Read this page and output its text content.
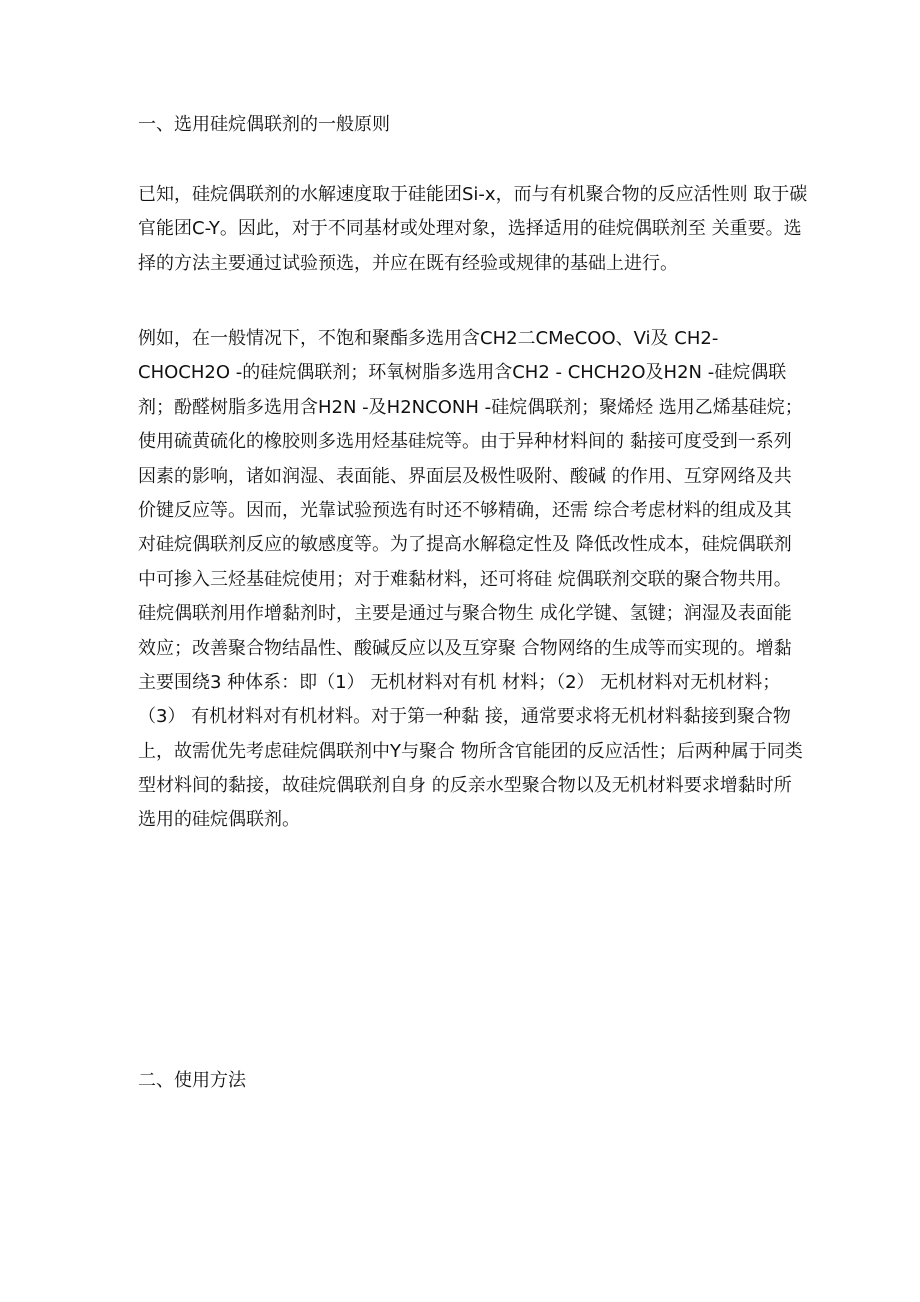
一、选用硅烷偶联剂的一般原则
已知，硅烷偶联剂的水解速度取于硅能团Si-x，而与有机聚合物的反应活性则 取于碳
官能团C-Y。因此，对于不同基材或处理对象，选择适用的硅烷偶联剂至 关重要。选
择的方法主要通过试验预选，并应在既有经验或规律的基础上进行。
例如，在一般情况下，不饱和聚酯多选用含CH2二CMeCOO、Vi及 CH2-
CHOCH2O -的硅烷偶联剂；环氧树脂多选用含CH2 - CHCH2O及H2N -硅烷偶联
剂；酚醛树脂多选用含H2N -及H2NCONH -硅烷偶联剂；聚烯烃 选用乙烯基硅烷；
使用硫黄硫化的橡胶则多选用烃基硅烷等。由于异种材料间的 黏接可度受到一系列
因素的影响，诸如润湿、表面能、界面层及极性吸附、酸碱 的作用、互穿网络及共
价键反应等。因而，光靠试验预选有时还不够精确，还需 综合考虑材料的组成及其
对硅烷偶联剂反应的敏感度等。为了提高水解稳定性及 降低改性成本，硅烷偶联剂
中可掺入三烃基硅烷使用；对于难黏材料，还可将硅 烷偶联剂交联的聚合物共用。
硅烷偶联剂用作增黏剂时，主要是通过与聚合物生 成化学键、氢键；润湿及表面能
效应；改善聚合物结晶性、酸碱反应以及互穿聚 合物网络的生成等而实现的。增黏
主要围绕3 种体系：即（1） 无机材料对有机 材料；（2） 无机材料对无机材料；
（3） 有机材料对有机材料。对于第一种黏 接，通常要求将无机材料黏接到聚合物
上，故需优先考虑硅烷偶联剂中Y与聚合 物所含官能团的反应活性；后两种属于同类
型材料间的黏接，故硅烷偶联剂自身 的反亲水型聚合物以及无机材料要求增黏时所
选用的硅烷偶联剂。
二、使用方法
